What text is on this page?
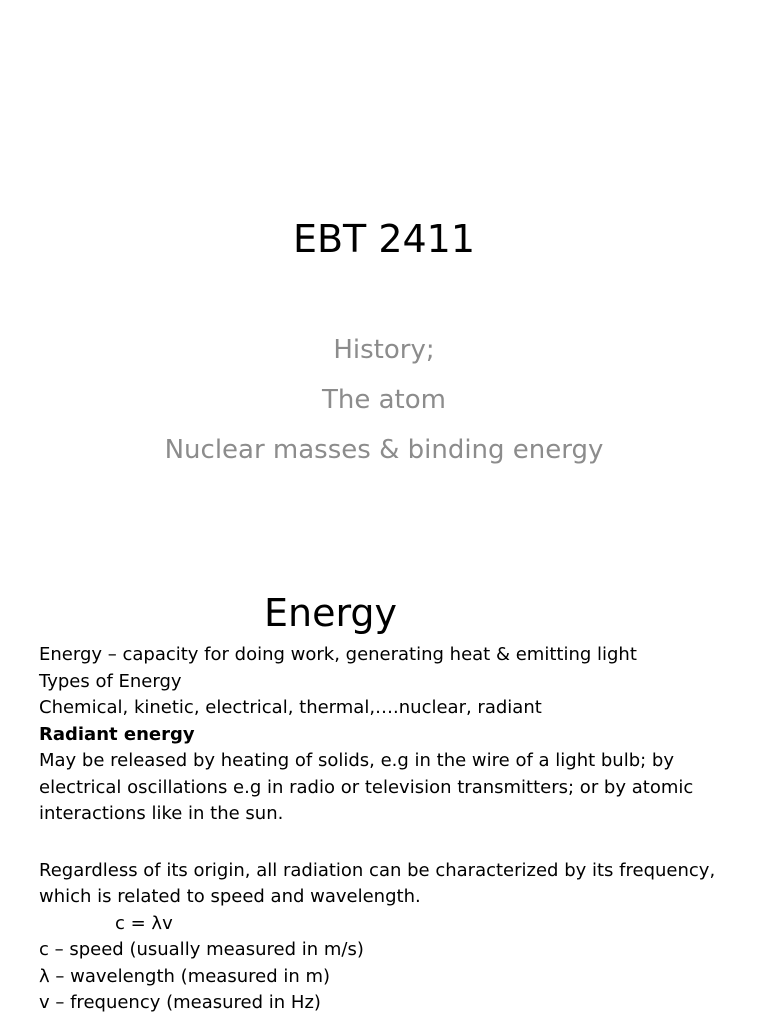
EBT 2411
History;
The atom
Nuclear masses & binding energy
Energy
Energy – capacity for doing work, generating heat & emitting light
Types of Energy
Chemical, kinetic, electrical, thermal,….nuclear, radiant
Radiant energy
May be released by heating of solids, e.g in the wire of a light bulb; by
electrical oscillations e.g in radio or television transmitters; or by atomic
interactions like in the sun.
Regardless of its origin, all radiation can be characterized by its frequency,
which is related to speed and wavelength.
c = λv
c – speed (usually measured in m/s)
λ – wavelength (measured in m)
v – frequency (measured in Hz)
